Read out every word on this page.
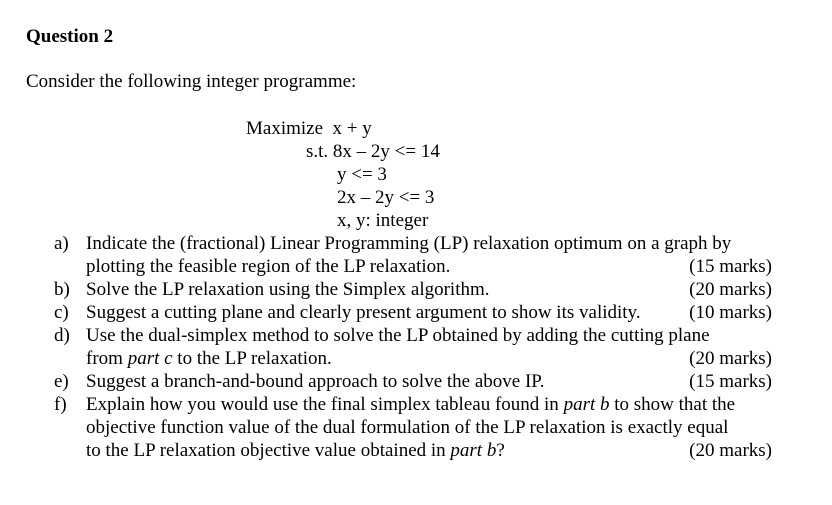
Question 2
Consider the following integer programme:
Maximize  x + y
s.t. 8x – 2y <= 14
y <= 3
2x – 2y <= 3
x, y: integer
a) Indicate the (fractional) Linear Programming (LP) relaxation optimum on a graph by
plotting the feasible region of the LP relaxation.	(15 marks)
b) Solve the LP relaxation using the Simplex algorithm.	(20 marks)
c) Suggest a cutting plane and clearly present argument to show its validity.	(10 marks)
d) Use the dual-simplex method to solve the LP obtained by adding the cutting plane
from part c to the LP relaxation.	(20 marks)
e) Suggest a branch-and-bound approach to solve the above IP.	(15 marks)
f) Explain how you would use the final simplex tableau found in part b to show that the
objective function value of the dual formulation of the LP relaxation is exactly equal
to the LP relaxation objective value obtained in part b?	(20 marks)
